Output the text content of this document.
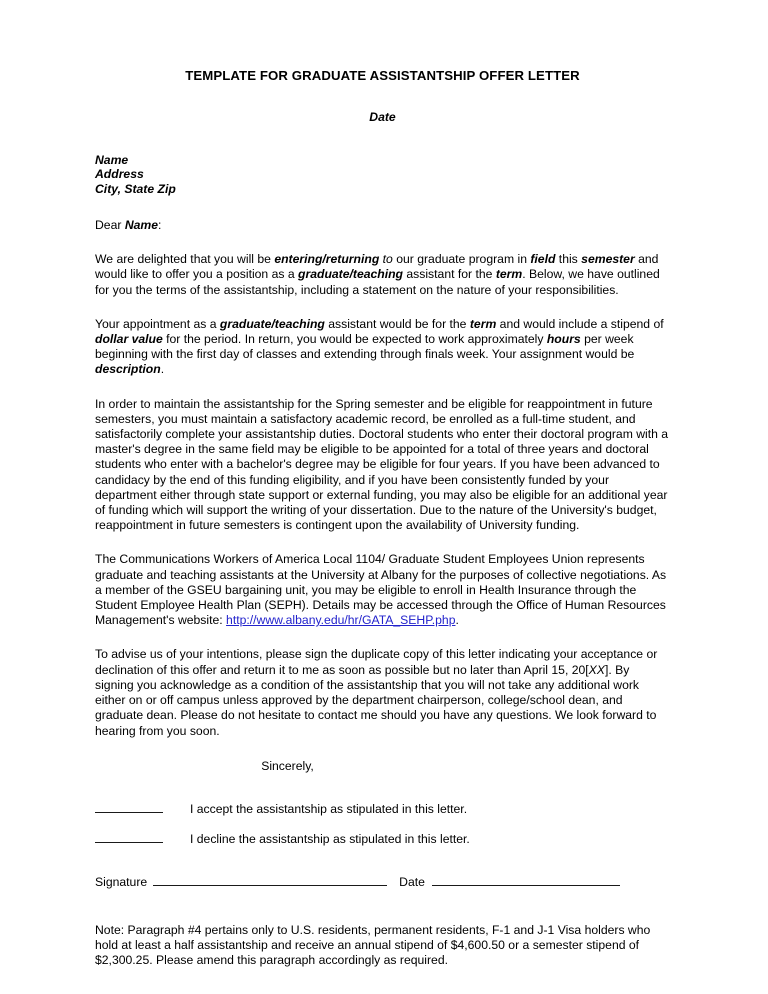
TEMPLATE FOR GRADUATE ASSISTANTSHIP OFFER LETTER
Date
Name
Address
City, State Zip
Dear Name:

We are delighted that you will be entering/returning to our graduate program in field this semester and would like to offer you a position as a graduate/teaching assistant for the term. Below, we have outlined for you the terms of the assistantship, including a statement on the nature of your responsibilities.

Your appointment as a graduate/teaching assistant would be for the term and would include a stipend of dollar value for the period. In return, you would be expected to work approximately hours per week beginning with the first day of classes and extending through finals week. Your assignment would be description.

In order to maintain the assistantship for the Spring semester and be eligible for reappointment in future semesters, you must maintain a satisfactory academic record, be enrolled as a full-time student, and satisfactorily complete your assistantship duties. Doctoral students who enter their doctoral program with a master's degree in the same field may be eligible to be appointed for a total of three years and doctoral students who enter with a bachelor's degree may be eligible for four years. If you have been advanced to candidacy by the end of this funding eligibility, and if you have been consistently funded by your department either through state support or external funding, you may also be eligible for an additional year of funding which will support the writing of your dissertation. Due to the nature of the University's budget, reappointment in future semesters is contingent upon the availability of University funding.

The Communications Workers of America Local 1104/ Graduate Student Employees Union represents graduate and teaching assistants at the University at Albany for the purposes of collective negotiations. As a member of the GSEU bargaining unit, you may be eligible to enroll in Health Insurance through the Student Employee Health Plan (SEPH). Details may be accessed through the Office of Human Resources Management's website: http://www.albany.edu/hr/GATA_SEHP.php.

To advise us of your intentions, please sign the duplicate copy of this letter indicating your acceptance or declination of this offer and return it to me as soon as possible but no later than April 15, 20[XX]. By signing you acknowledge as a condition of the assistantship that you will not take any additional work either on or off campus unless approved by the department chairperson, college/school dean, and graduate dean. Please do not hesitate to contact me should you have any questions. We look forward to hearing from you soon.

Sincerely,
I accept the assistantship as stipulated in this letter.
I decline the assistantship as stipulated in this letter.
Signature	Date

Note: Paragraph #4 pertains only to U.S. residents, permanent residents, F-1 and J-1 Visa holders who hold at least a half assistantship and receive an annual stipend of $4,600.50 or a semester stipend of $2,300.25. Please amend this paragraph accordingly as required.
